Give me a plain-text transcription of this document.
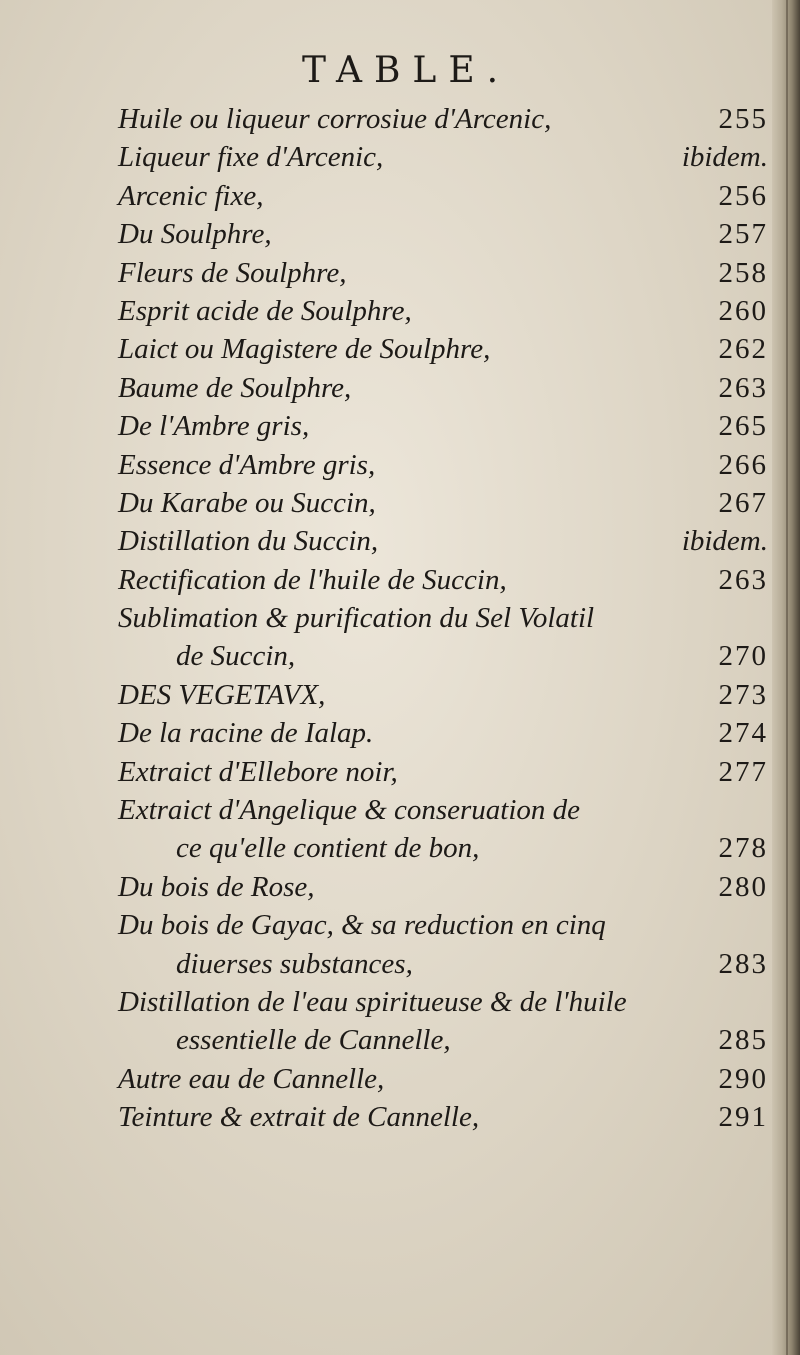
TABLE.
Huile ou liqueur corrosiue d'Arcenic,	255
Liqueur fixe d'Arcenic,	ibidem.
Arcenic fixe,	256
Du Soulphre,	257
Fleurs de Soulphre,	258
Esprit acide de Soulphre,	260
Laict ou Magistere de Soulphre,	262
Baume de Soulphre,	263
De l'Ambre gris,	265
Essence d'Ambre gris,	266
Du Karabe ou Succin,	267
Distillation du Succin,	ibidem.
Rectification de l'huile de Succin,	263
Sublimation & purification du Sel Volatil
de Succin,	270
DES VEGETAVX,	273
De la racine de Ialap.	274
Extraict d'Ellebore noir,	277
Extraict d'Angelique & conseruation de
ce qu'elle contient de bon,	278
Du bois de Rose,	280
Du bois de Gayac, & sa reduction en cinq
diuerses substances,	283
Distillation de l'eau spiritueuse & de l'huile
essentielle de Cannelle,	285
Autre eau de Cannelle,	290
Teinture & extrait de Cannelle,	291
